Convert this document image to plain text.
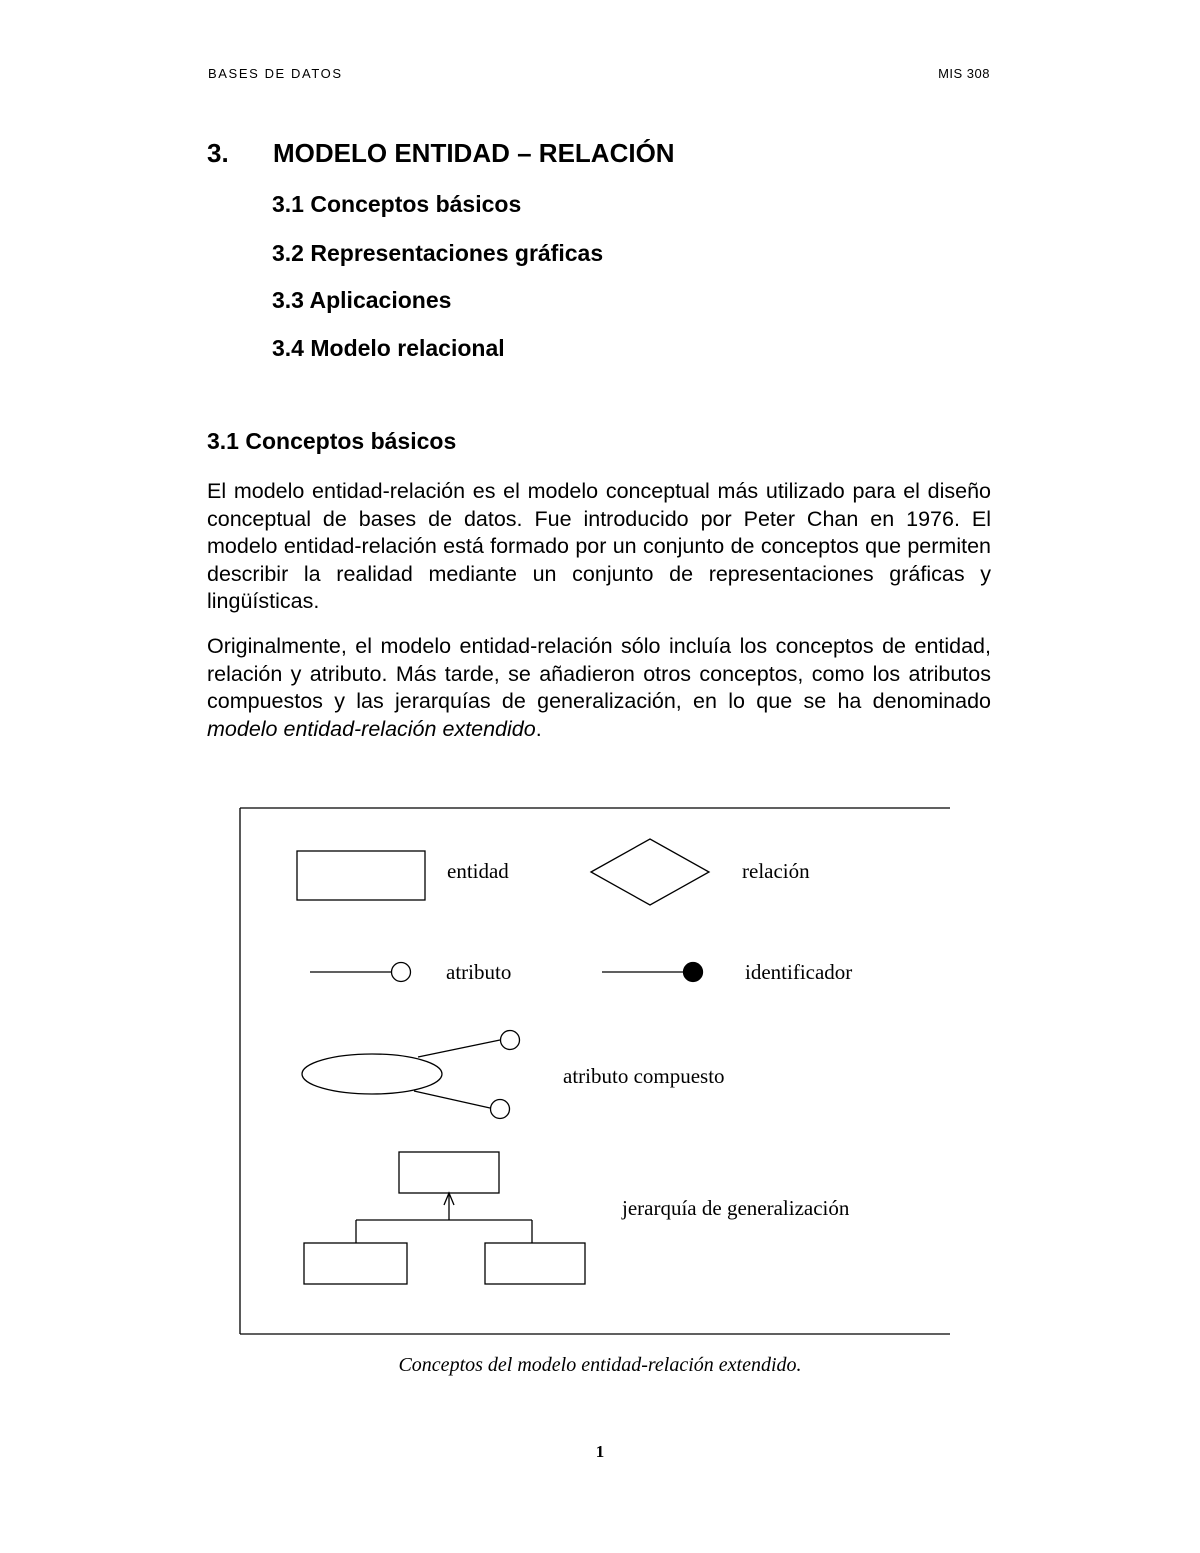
BASES DE DATOS	MIS 308
3. MODELO ENTIDAD – RELACIÓN
3.1 Conceptos básicos
3.2 Representaciones gráficas
3.3 Aplicaciones
3.4 Modelo relacional
3.1 Conceptos básicos

El modelo entidad-relación es el modelo conceptual más utilizado para el diseño conceptual de bases de datos. Fue introducido por Peter Chan en 1976. El modelo entidad-relación está formado por un conjunto de conceptos que permiten describir la realidad mediante un conjunto de representaciones gráficas y lingüísticas.

Originalmente, el modelo entidad-relación sólo incluía los conceptos de entidad, relación y atributo. Más tarde, se añadieron otros conceptos, como los atributos compuestos y las jerarquías de generalización, en lo que se ha denominado modelo entidad-relación extendido.

entidad	relación
atributo	identificador
atributo compuesto
jerarquía de generalización
Conceptos del modelo entidad-relación extendido.
1
